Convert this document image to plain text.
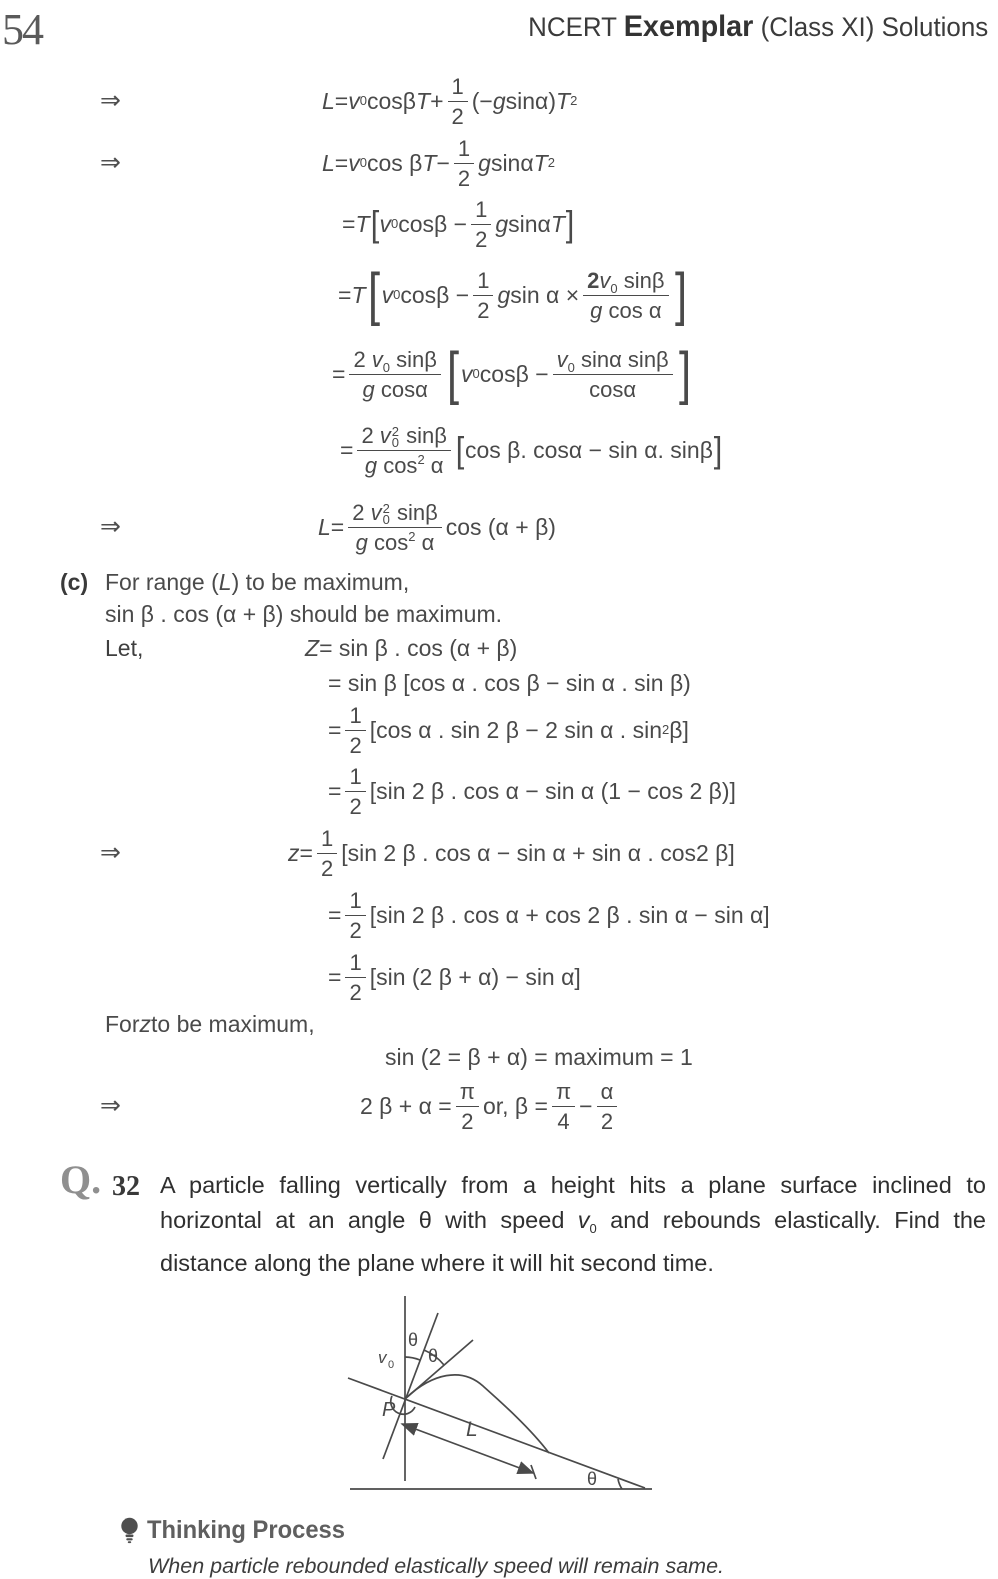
54	NCERT Exemplar (Class XI) Solutions
⇒	L = v 0 cosβ $T + \frac{1}{2}$ (− g sinα) T 2
⇒	L = v 0 cos β $T - \frac{1}{2}$ g sinα T 2
= T [ v 0 $\cos\beta - \frac{1}{2}$ g sinα T ]
= T [ v 0 $\cos\beta - \frac{1}{2}$ g $\sin \alpha \times \frac{2v_0 \sin\beta}{\text{g cos α}}$ ]
= $\frac{2 v_0 \sin\beta}{\text{g cosα}}$ [ v 0 $\cos\beta - \frac{v_0 \sin\alpha \sin\beta}{\cos\alpha}$ ]
= 2 v 2
0 sinβ
g $\cos^2 \alpha$ [ cos β. cosα − sin α. sinβ ]
⇒	L = 2 v 2
0 sinβ
g $\cos^2 \alpha$ cos (α + β)
(c) For range ( L ) to be maximum,
sin β . cos (α + β) should be maximum.
Let,	Z = sin β . cos (α + β)
= sin β [cos α . cos β − sin α . sin β)
= $\frac{1}{2} [\cos$ α . sin 2 β − 2 sin α . sin 2 β]
= $\frac{1}{2} [\sin$ 2 β . cos α − sin α (1 − cos 2 β)]
⇒	$z = \frac{1}{2} [\sin$ 2 β . cos α − sin α + sin α . cos2 β]
= $\frac{1}{2} [\sin$ 2 β . cos α + cos 2 β . sin α − sin α]
= $\frac{1}{2} [\sin$ (2 β + α) − sin α]
For z to be maximum,
sin (2 = β + α) = maximum = 1
⇒	2 $\beta + \alpha = \frac{\pi}{2}$ or, $\beta = \frac{\pi}{4} - \frac{\alpha}{2}$
Q. 32 A particle falling vertically from a height hits a plane surface inclined to horizontal at an angle θ with speed $v_0$ and rebounds elastically. Find the distance along the plane where it will hit second time.
v 0
θ
θ
P
L
θ
Thinking Process
When particle rebounded elastically speed will remain same.
